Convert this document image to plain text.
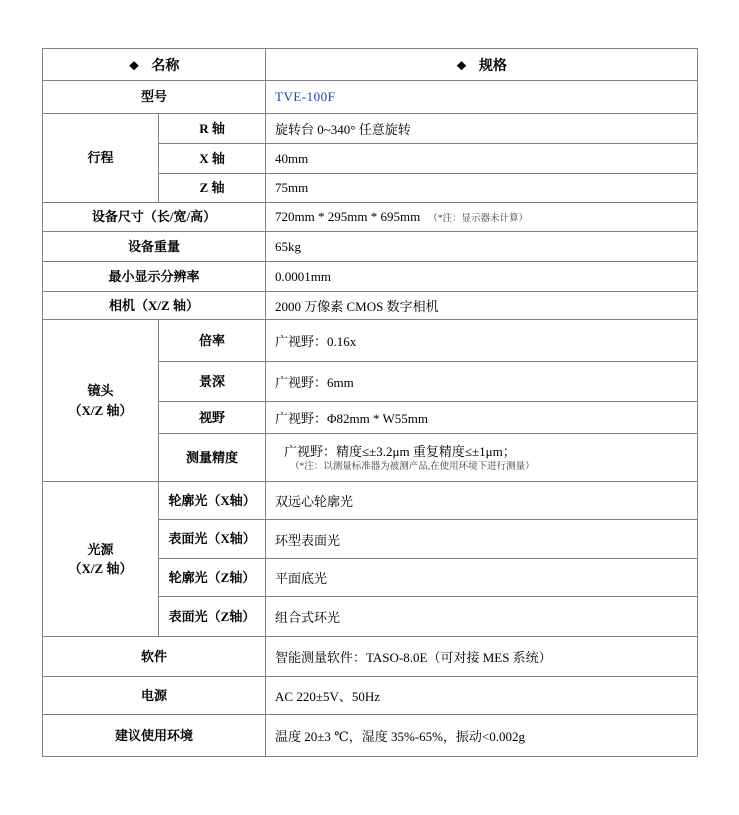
❖ 名称		❖ 规格
型号		TVE-100F
行程	R 轴	旋转台 0~340° 任意旋转
	X 轴	40mm
	Z 轴	75mm
设备尺寸（长/宽/高）		720mm * 295mm * 695mm （*注：显示器未计算）
设备重量		65kg
最小显示分辨率		0.0001mm
相机（X/Z 轴）		2000 万像素 CMOS 数字相机

镜头
（X/Z 轴）	倍率	广视野：0.16x
	景深	广视野：6mm
	视野	广视野：Φ82mm * W55mm
	测量精度	广视野：精度≤±3.2μm 重复精度≤±1μm；
（*注：以测量标准器为被测产品,在使用环境下进行测量）

光源
（X/Z 轴）	轮廓光（X轴）	双远心轮廓光
	表面光（X轴）	环型表面光
	轮廓光（Z轴）	平面底光
	表面光（Z轴）	组合式环光
软件		智能测量软件：TASO-8.0E（可对接 MES 系统）
电源		AC 220±5V、50Hz
建议使用环境		温度 20±3 ℃，湿度 35%-65%，振动<0.002g
